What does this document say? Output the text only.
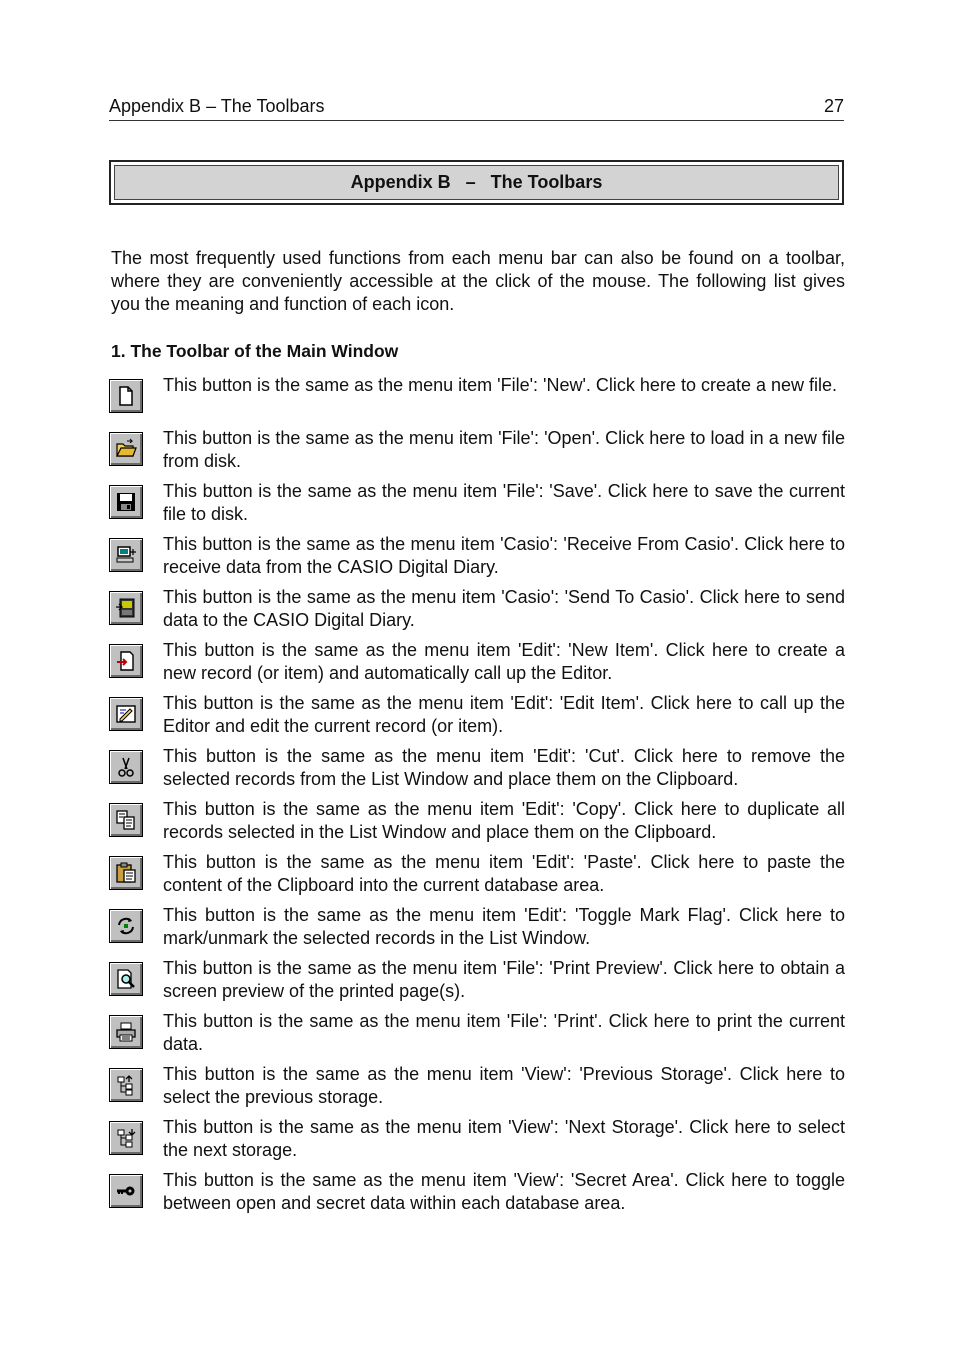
Appendix B – The Toolbars	27
Appendix B   –   The Toolbars

The most frequently used functions from each menu bar can also be found on a toolbar, where they are conveniently accessible at the click of the mouse. The following list gives you the meaning and function of each icon.

1. The Toolbar of the Main Window

This button is the same as the menu item 'File': 'New'. Click here to create a new file.

This button is the same as the menu item 'File': 'Open'. Click here to load in a new file from disk.

This button is the same as the menu item 'File': 'Save'. Click here to save the current file to disk.

This button is the same as the menu item 'Casio': 'Receive From Casio'. Click here to receive data from the CASIO Digital Diary.

This button is the same as the menu item 'Casio': 'Send To Casio'. Click here to send data to the CASIO Digital Diary.

This button is the same as the menu item 'Edit': 'New Item'. Click here to create a new record (or item) and automatically call up the Editor.

This button is the same as the menu item 'Edit': 'Edit Item'. Click here to call up the Editor and edit the current record (or item).

This button is the same as the menu item 'Edit': 'Cut'. Click here to remove the selected records from the List Window and place them on the Clipboard.

This button is the same as the menu item 'Edit': 'Copy'. Click here to duplicate all records selected in the List Window and place them on the Clipboard.

This button is the same as the menu item 'Edit': 'Paste'. Click here to paste the content of the Clipboard into the current database area.

This button is the same as the menu item 'Edit': 'Toggle Mark Flag'. Click here to mark/unmark the selected records in the List Window.

This button is the same as the menu item 'File': 'Print Preview'. Click here to obtain a screen preview of the printed page(s).

This button is the same as the menu item 'File': 'Print'. Click here to print the current data.

This button is the same as the menu item 'View': 'Previous Storage'. Click here to select the previous storage.

This button is the same as the menu item 'View': 'Next Storage'. Click here to select the next storage.

This button is the same as the menu item 'View': 'Secret Area'. Click here to toggle between open and secret data within each database area.
